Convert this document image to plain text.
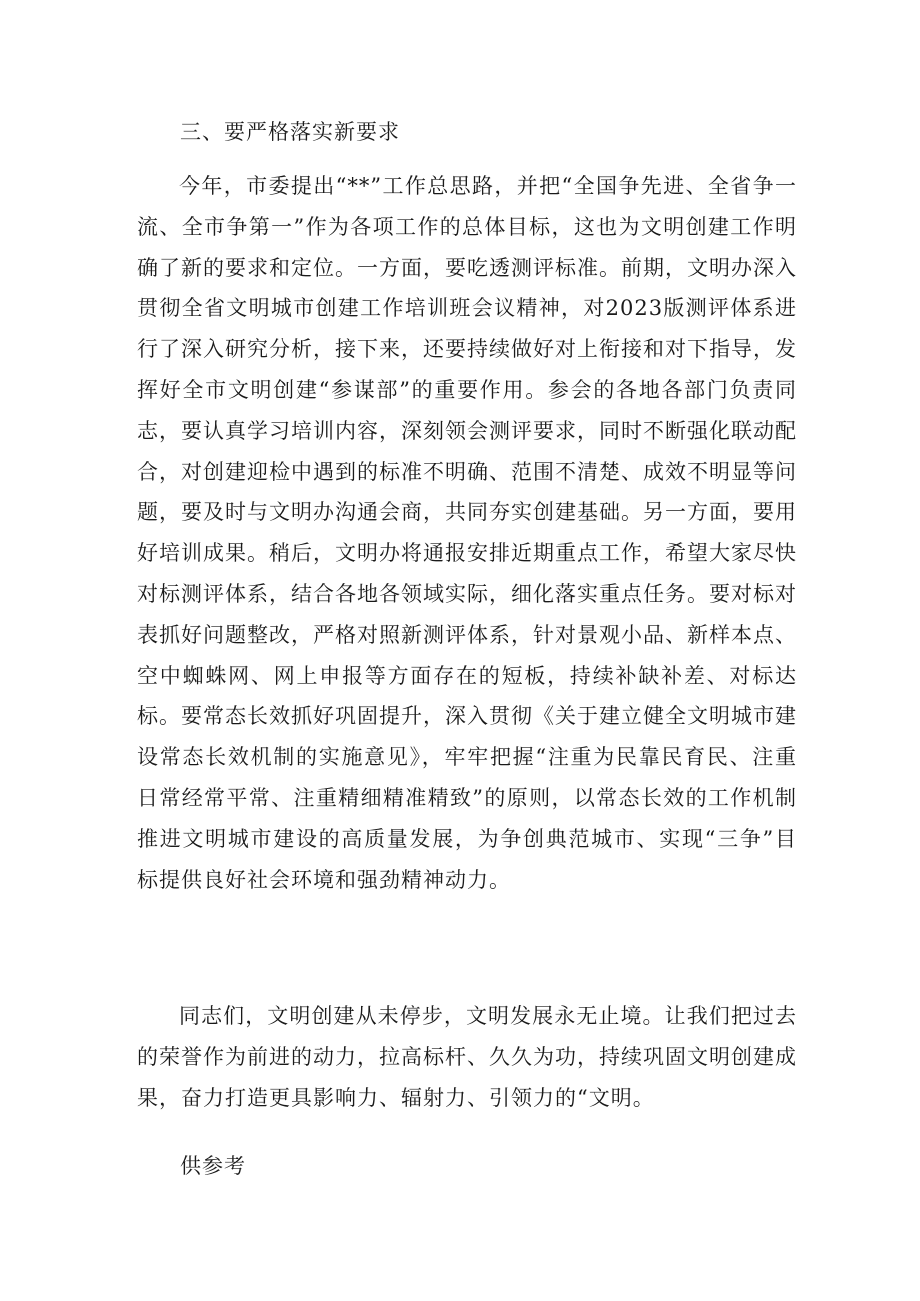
三、要严格落实新要求

今年，市委提出“**”工作总思路，并把“全国争先进、全省争一流、全市争第一”作为各项工作的总体目标，这也为文明创建工作明确了新的要求和定位。一方面，要吃透测评标准。前期，文明办深入贯彻全省文明城市创建工作培训班会议精神，对2023版测评体系进行了深入研究分析，接下来，还要持续做好对上衔接和对下指导，发挥好全市文明创建“参谋部”的重要作用。参会的各地各部门负责同志，要认真学习培训内容，深刻领会测评要求，同时不断强化联动配合，对创建迎检中遇到的标准不明确、范围不清楚、成效不明显等问题，要及时与文明办沟通会商，共同夯实创建基础。另一方面，要用好培训成果。稍后，文明办将通报安排近期重点工作，希望大家尽快对标测评体系，结合各地各领域实际，细化落实重点任务。要对标对表抓好问题整改，严格对照新测评体系，针对景观小品、新样本点、空中蜘蛛网、网上申报等方面存在的短板，持续补缺补差、对标达标。要常态长效抓好巩固提升，深入贯彻《关于建立健全文明城市建设常态长效机制的实施意见》，牢牢把握“注重为民靠民育民、注重日常经常平常、注重精细精准精致”的原则，以常态长效的工作机制推进文明城市建设的高质量发展，为争创典范城市、实现“三争”目标提供良好社会环境和强劲精神动力。

同志们，文明创建从未停步，文明发展永无止境。让我们把过去的荣誉作为前进的动力，拉高标杆、久久为功，持续巩固文明创建成果，奋力打造更具影响力、辐射力、引领力的“文明。

供参考
